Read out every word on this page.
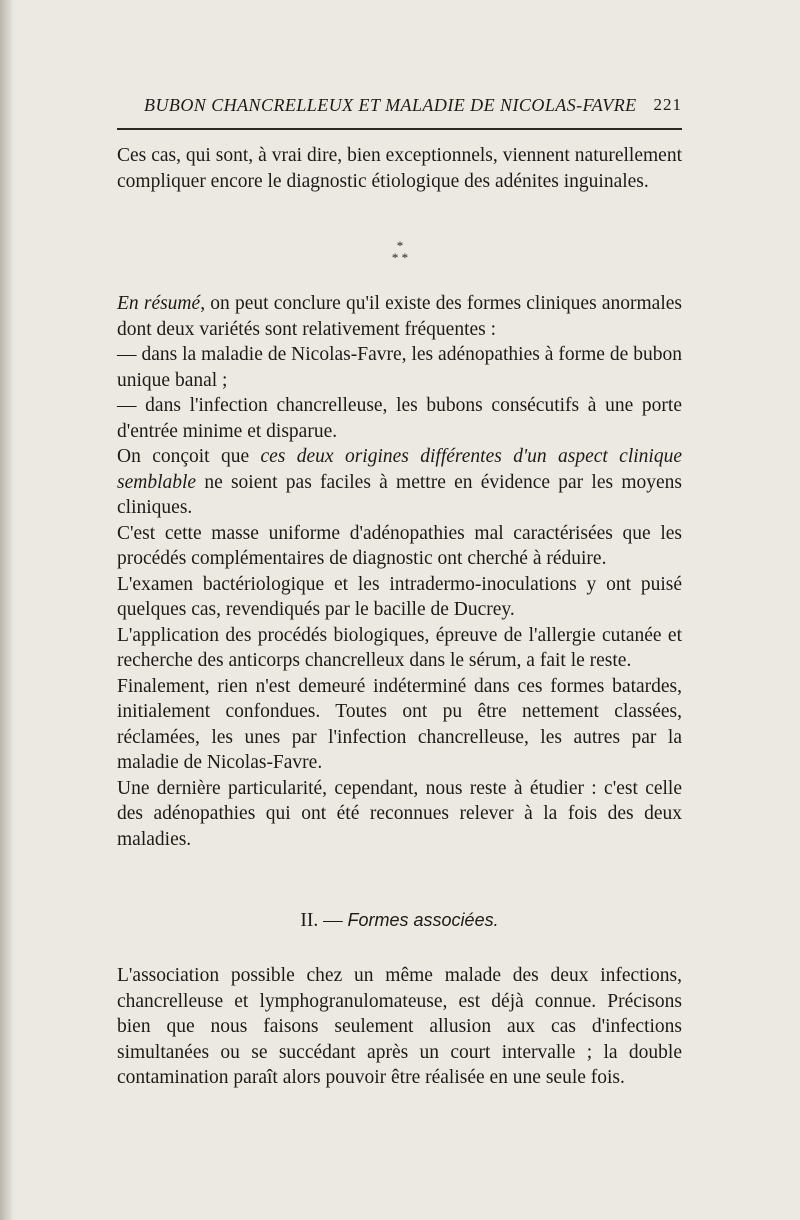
BUBON CHANCRELLEUX ET MALADIE DE NICOLAS-FAVRE 221

Ces cas, qui sont, à vrai dire, bien exceptionnels, viennent naturellement compliquer encore le diagnostic étiologique des adénites inguinales.

*
* *

En résumé, on peut conclure qu'il existe des formes cliniques anormales dont deux variétés sont relativement fréquentes :

— dans la maladie de Nicolas-Favre, les adénopathies à forme de bubon unique banal ;

— dans l'infection chancrelleuse, les bubons consécutifs à une porte d'entrée minime et disparue.

On conçoit que ces deux origines différentes d'un aspect clinique semblable ne soient pas faciles à mettre en évidence par les moyens cliniques.

C'est cette masse uniforme d'adénopathies mal caractérisées que les procédés complémentaires de diagnostic ont cherché à réduire.

L'examen bactériologique et les intradermo-inoculations y ont puisé quelques cas, revendiqués par le bacille de Ducrey.

L'application des procédés biologiques, épreuve de l'allergie cutanée et recherche des anticorps chancrelleux dans le sérum, a fait le reste.

Finalement, rien n'est demeuré indéterminé dans ces formes batardes, initialement confondues. Toutes ont pu être nettement classées, réclamées, les unes par l'infection chancrelleuse, les autres par la maladie de Nicolas-Favre.

Une dernière particularité, cependant, nous reste à étudier : c'est celle des adénopathies qui ont été reconnues relever à la fois des deux maladies.

II. — Formes associées.

L'association possible chez un même malade des deux infections, chancrelleuse et lymphogranulomateuse, est déjà connue. Précisons bien que nous faisons seulement allusion aux cas d'infections simultanées ou se succédant après un court intervalle ; la double contamination paraît alors pouvoir être réalisée en une seule fois.
